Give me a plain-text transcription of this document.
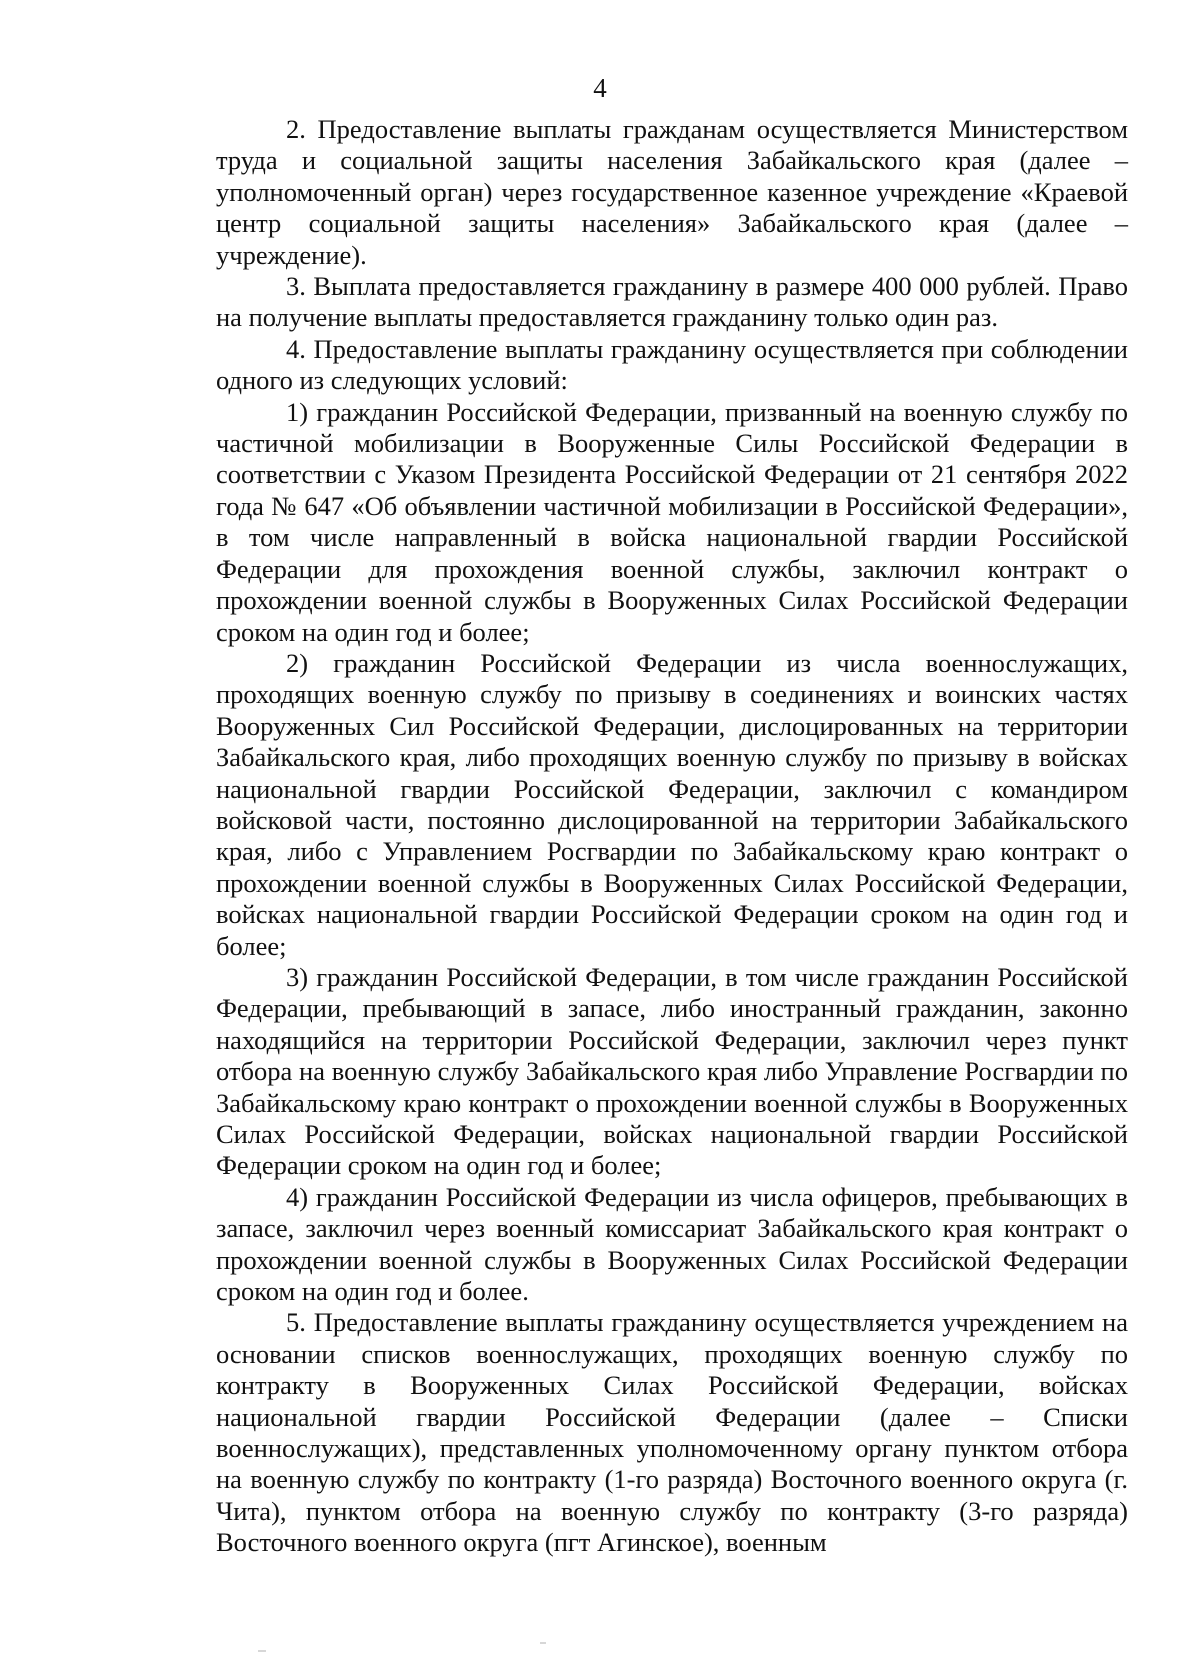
4

2. Предоставление выплаты гражданам осуществляется Министерством труда и социальной защиты населения Забайкальского края (далее – уполномоченный орган) через государственное казенное учреждение «Краевой центр социальной защиты населения» Забайкальского края (далее – учреждение).

3. Выплата предоставляется гражданину в размере 400 000 рублей. Право на получение выплаты предоставляется гражданину только один раз.

4. Предоставление выплаты гражданину осуществляется при соблюдении одного из следующих условий:

1) гражданин Российской Федерации, призванный на военную службу по частичной мобилизации в Вооруженные Силы Российской Федерации в соответствии с Указом Президента Российской Федерации от 21 сентября 2022 года № 647 «Об объявлении частичной мобилизации в Российской Федерации», в том числе направленный в войска национальной гвардии Российской Федерации для прохождения военной службы, заключил контракт о прохождении военной службы в Вооруженных Силах Российской Федерации сроком на один год и более;

2) гражданин Российской Федерации из числа военнослужащих, проходящих военную службу по призыву в соединениях и воинских частях Вооруженных Сил Российской Федерации, дислоцированных на территории Забайкальского края, либо проходящих военную службу по призыву в войсках национальной гвардии Российской Федерации, заключил с командиром войсковой части, постоянно дислоцированной на территории Забайкальского края, либо с Управлением Росгвардии по Забайкальскому краю контракт о прохождении военной службы в Вооруженных Силах Российской Федерации, войсках национальной гвардии Российской Федерации сроком на один год и более;

3) гражданин Российской Федерации, в том числе гражданин Российской Федерации, пребывающий в запасе, либо иностранный гражданин, законно находящийся на территории Российской Федерации, заключил через пункт отбора на военную службу Забайкальского края либо Управление Росгвардии по Забайкальскому краю контракт о прохождении военной службы в Вооруженных Силах Российской Федерации, войсках национальной гвардии Российской Федерации сроком на один год и более;

4) гражданин Российской Федерации из числа офицеров, пребывающих в запасе, заключил через военный комиссариат Забайкальского края контракт о прохождении военной службы в Вооруженных Силах Российской Федерации сроком на один год и более.

5. Предоставление выплаты гражданину осуществляется учреждением на основании списков военнослужащих, проходящих военную службу по контракту в Вооруженных Силах Российской Федерации, войсках национальной гвардии Российской Федерации (далее – Списки военнослужащих), представленных уполномоченному органу пунктом отбора на военную службу по контракту (1-го разряда) Восточного военного округа (г. Чита), пунктом отбора на военную службу по контракту (3-го разряда) Восточного военного округа (пгт Агинское), военным
